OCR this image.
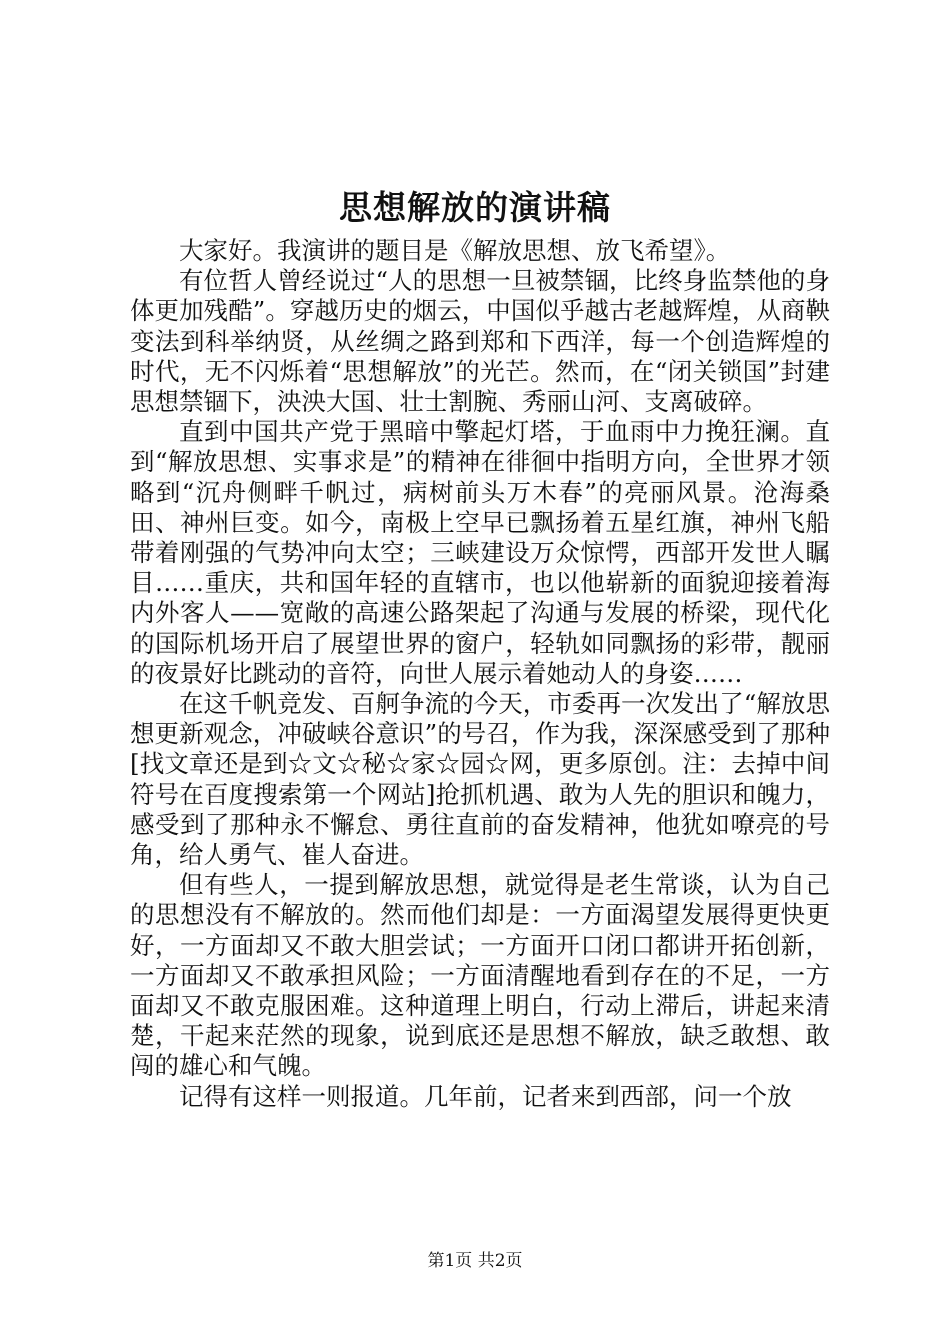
思想解放的演讲稿

大家好。我演讲的题目是《解放思想、放飞希望》。

有位哲人曾经说过“人的思想一旦被禁锢，比终身监禁他的身体更加残酷”。穿越历史的烟云，中国似乎越古老越辉煌，从商鞅变法到科举纳贤，从丝绸之路到郑和下西洋，每一个创造辉煌的时代，无不闪烁着“思想解放”的光芒。然而，在“闭关锁国”封建思想禁锢下，泱泱大国、壮士割腕、秀丽山河、支离破碎。

直到中国共产党于黑暗中擎起灯塔，于血雨中力挽狂澜。直到“解放思想、实事求是”的精神在徘徊中指明方向，全世界才领略到“沉舟侧畔千帆过，病树前头万木春”的亮丽风景。沧海桑田、神州巨变。如今，南极上空早已飘扬着五星红旗，神州飞船带着刚强的气势冲向太空；三峡建设万众惊愕，西部开发世人瞩目……重庆，共和国年轻的直辖市，也以他崭新的面貌迎接着海内外客人——宽敞的高速公路架起了沟通与发展的桥梁，现代化的国际机场开启了展望世界的窗户，轻轨如同飘扬的彩带，靓丽的夜景好比跳动的音符，向世人展示着她动人的身姿……

在这千帆竞发、百舸争流的今天，市委再一次发出了“解放思想更新观念，冲破峡谷意识”的号召，作为我，深深感受到了那种[找文章还是到☆文☆秘☆家☆园☆网，更多原创。注：去掉中间符号在百度搜索第一个网站]抢抓机遇、敢为人先的胆识和魄力，感受到了那种永不懈怠、勇往直前的奋发精神，他犹如嘹亮的号角，给人勇气、崔人奋进。

但有些人，一提到解放思想，就觉得是老生常谈，认为自己的思想没有不解放的。然而他们却是：一方面渴望发展得更快更好，一方面却又不敢大胆尝试；一方面开口闭口都讲开拓创新，一方面却又不敢承担风险；一方面清醒地看到存在的不足，一方面却又不敢克服困难。这种道理上明白，行动上滞后，讲起来清楚，干起来茫然的现象，说到底还是思想不解放，缺乏敢想、敢闯的雄心和气魄。

记得有这样一则报道。几年前，记者来到西部，问一个放

第1页 共2页
